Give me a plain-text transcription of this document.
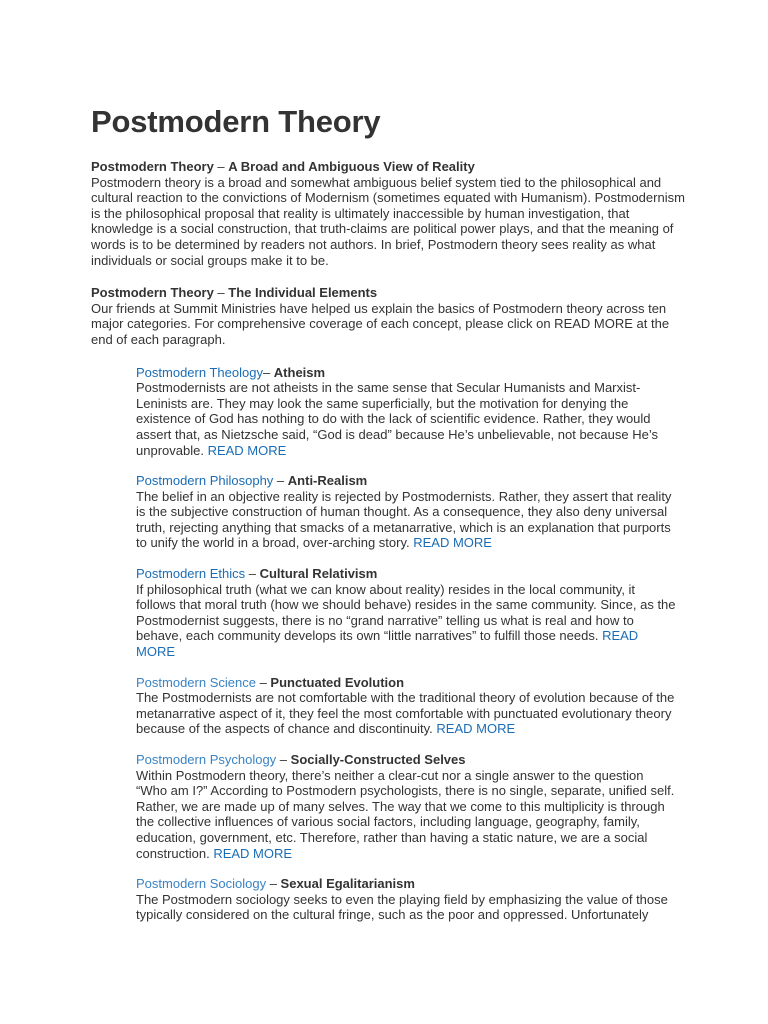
Postmodern Theory
Postmodern Theory – A Broad and Ambiguous View of Reality
Postmodern theory is a broad and somewhat ambiguous belief system tied to the philosophical and cultural reaction to the convictions of Modernism (sometimes equated with Humanism). Postmodernism is the philosophical proposal that reality is ultimately inaccessible by human investigation, that knowledge is a social construction, that truth-claims are political power plays, and that the meaning of words is to be determined by readers not authors. In brief, Postmodern theory sees reality as what individuals or social groups make it to be.
Postmodern Theory – The Individual Elements
Our friends at Summit Ministries have helped us explain the basics of Postmodern theory across ten major categories. For comprehensive coverage of each concept, please click on READ MORE at the end of each paragraph.
Postmodern Theology– Atheism
Postmodernists are not atheists in the same sense that Secular Humanists and Marxist-Leninists are. They may look the same superficially, but the motivation for denying the existence of God has nothing to do with the lack of scientific evidence. Rather, they would assert that, as Nietzsche said, “God is dead” because He’s unbelievable, not because He’s unprovable. READ MORE
Postmodern Philosophy – Anti-Realism
The belief in an objective reality is rejected by Postmodernists. Rather, they assert that reality is the subjective construction of human thought. As a consequence, they also deny universal truth, rejecting anything that smacks of a metanarrative, which is an explanation that purports to unify the world in a broad, over-arching story. READ MORE
Postmodern Ethics – Cultural Relativism
If philosophical truth (what we can know about reality) resides in the local community, it follows that moral truth (how we should behave) resides in the same community. Since, as the Postmodernist suggests, there is no “grand narrative” telling us what is real and how to behave, each community develops its own “little narratives” to fulfill those needs. READ MORE
Postmodern Science – Punctuated Evolution
The Postmodernists are not comfortable with the traditional theory of evolution because of the metanarrative aspect of it, they feel the most comfortable with punctuated evolutionary theory because of the aspects of chance and discontinuity. READ MORE
Postmodern Psychology – Socially-Constructed Selves
Within Postmodern theory, there’s neither a clear-cut nor a single answer to the question “Who am I?” According to Postmodern psychologists, there is no single, separate, unified self. Rather, we are made up of many selves. The way that we come to this multiplicity is through the collective influences of various social factors, including language, geography, family, education, government, etc. Therefore, rather than having a static nature, we are a social construction. READ MORE
Postmodern Sociology – Sexual Egalitarianism
The Postmodern sociology seeks to even the playing field by emphasizing the value of those typically considered on the cultural fringe, such as the poor and oppressed. Unfortunately
